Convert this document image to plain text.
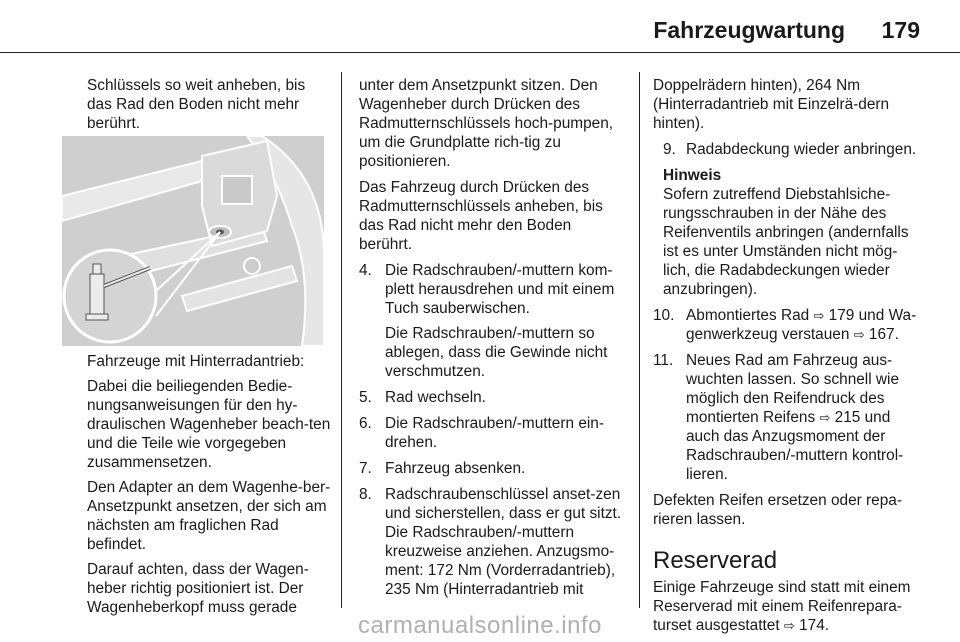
Fahrzeugwartung 179

Schlüssels so weit anheben, bis das Rad den Boden nicht mehr berührt.

Fahrzeuge mit Hinterradantrieb:

Dabei die beiliegenden Bedie-nungsanweisungen für den hy-draulischen Wagenheber beach-ten und die Teile wie vorgegeben zusammensetzen.

Den Adapter an dem Wagenhe-ber-Ansetzpunkt ansetzen, der sich am nächsten am fraglichen Rad befindet.

Darauf achten, dass der Wagen-heber richtig positioniert ist. Der Wagenheberkopf muss gerade

unter dem Ansetzpunkt sitzen. Den Wagenheber durch Drücken des Radmutternschlüssels hoch-pumpen, um die Grundplatte rich-tig zu positionieren.

Das Fahrzeug durch Drücken des Radmutternschlüssels anheben, bis das Rad nicht mehr den Boden berührt.

4. Die Radschrauben/-muttern kom-plett herausdrehen und mit einem Tuch sauberwischen.

Die Radschrauben/-muttern so ablegen, dass die Gewinde nicht verschmutzen.

5. Rad wechseln.
6. Die Radschrauben/-muttern ein-drehen.
7. Fahrzeug absenken.
8. Radschraubenschlüssel anset-zen und sicherstellen, dass er gut sitzt. Die Radschrauben/-muttern kreuzweise anziehen. Anzugsmo-ment: 172 Nm (Vorderradantrieb), 235 Nm (Hinterradantrieb mit

Doppelrädern hinten), 264 Nm (Hinterradantrieb mit Einzelrä-dern hinten).

9. Radabdeckung wieder anbringen.

Hinweis
Sofern zutreffend Diebstahlsiche-rungsschrauben in der Nähe des Reifenventils anbringen (andernfalls ist es unter Umständen nicht mög-lich, die Radabdeckungen wieder anzubringen).

10. Abmontiertes Rad ⇨ 179 und Wa-genwerkzeug verstauen ⇨ 167.
11. Neues Rad am Fahrzeug aus-wuchten lassen. So schnell wie möglich den Reifendruck des montierten Reifens ⇨ 215 und auch das Anzugsmoment der Radschrauben/-muttern kontrol-lieren.

Defekten Reifen ersetzen oder repa-rieren lassen.

Reserverad

Einige Fahrzeuge sind statt mit einem Reserverad mit einem Reifenrepara-turset ausgestattet ⇨ 174.

carmanualsonline.info
